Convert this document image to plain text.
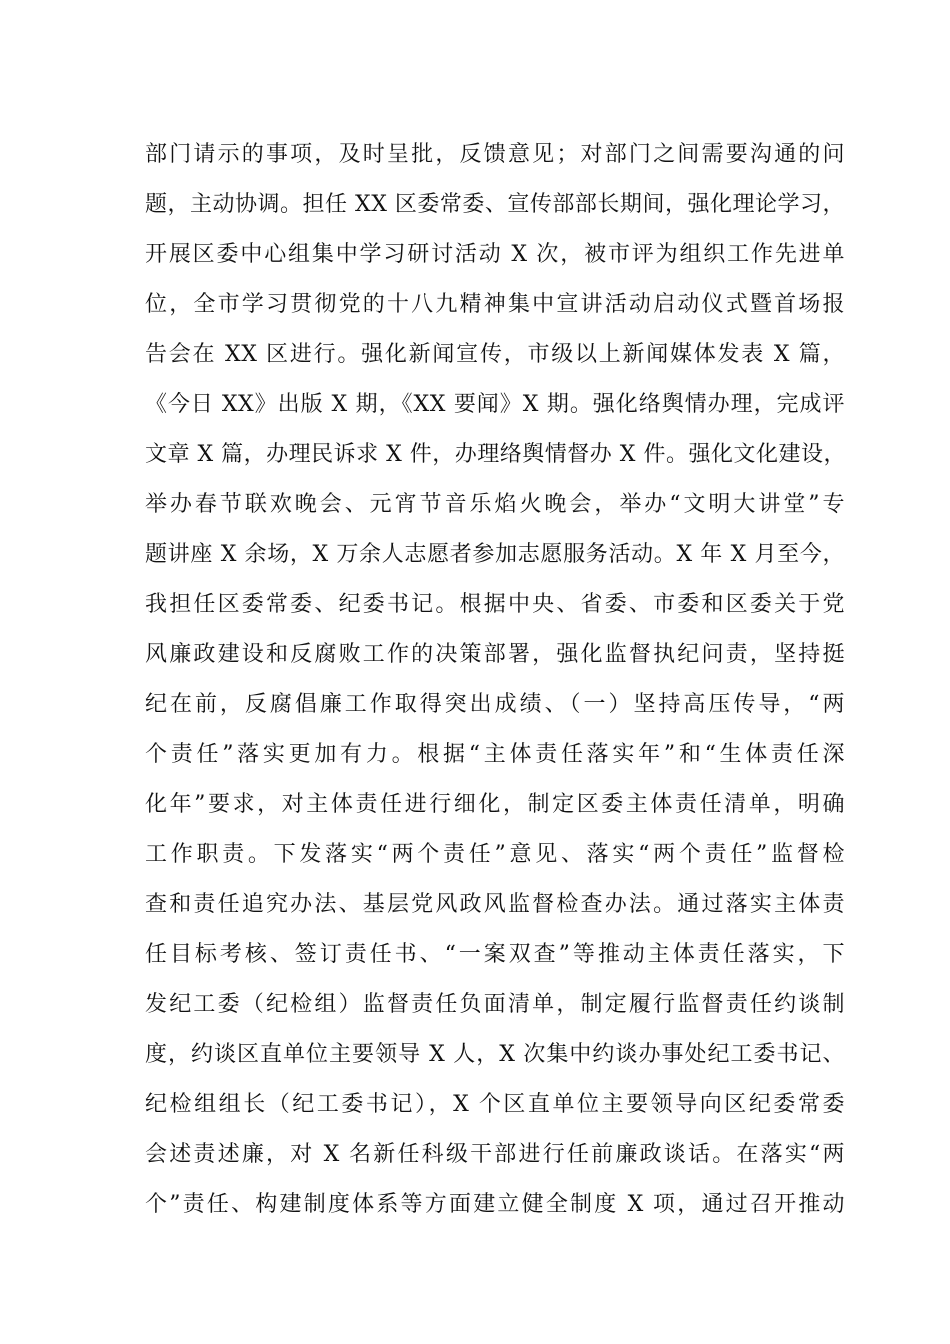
部门请示的事项，及时呈批，反馈意见；对部门之间需要沟通的问
题，主动协调。担任 XX 区委常委、宣传部部长期间，强化理论学习，
开展区委中心组集中学习研讨活动 X 次，被市评为组织工作先进单
位，全市学习贯彻党的十八九精神集中宣讲活动启动仪式暨首场报
告会在 XX 区进行。强化新闻宣传，市级以上新闻媒体发表 X 篇，
《今日 XX》出版 X 期，《XX 要闻》X 期。强化络舆情办理，完成评
文章 X 篇，办理民诉求 X 件，办理络舆情督办 X 件。强化文化建设，
举办春节联欢晚会、元宵节音乐焰火晚会，举办“文明大讲堂”专
题讲座 X 余场，X 万余人志愿者参加志愿服务活动。X 年 X 月至今，
我担任区委常委、纪委书记。根据中央、省委、市委和区委关于党
风廉政建设和反腐败工作的决策部署，强化监督执纪问责，坚持挺
纪在前，反腐倡廉工作取得突出成绩、（一）坚持高压传导，“两
个责任”落实更加有力。根据“主体责任落实年”和“生体责任深
化年”要求，对主体责任进行细化，制定区委主体责任清单，明确
工作职责。下发落实“两个责任”意见、落实“两个责任”监督检
查和责任追究办法、基层党风政风监督检查办法。通过落实主体责
任目标考核、签订责任书、“一案双查”等推动主体责任落实，下
发纪工委（纪检组）监督责任负面清单，制定履行监督责任约谈制
度，约谈区直单位主要领导 X 人，X 次集中约谈办事处纪工委书记、
纪检组组长（纪工委书记），X 个区直单位主要领导向区纪委常委
会述责述廉，对 X 名新任科级干部进行任前廉政谈话。在落实“两
个”责任、构建制度体系等方面建立健全制度 X 项，通过召开推动
